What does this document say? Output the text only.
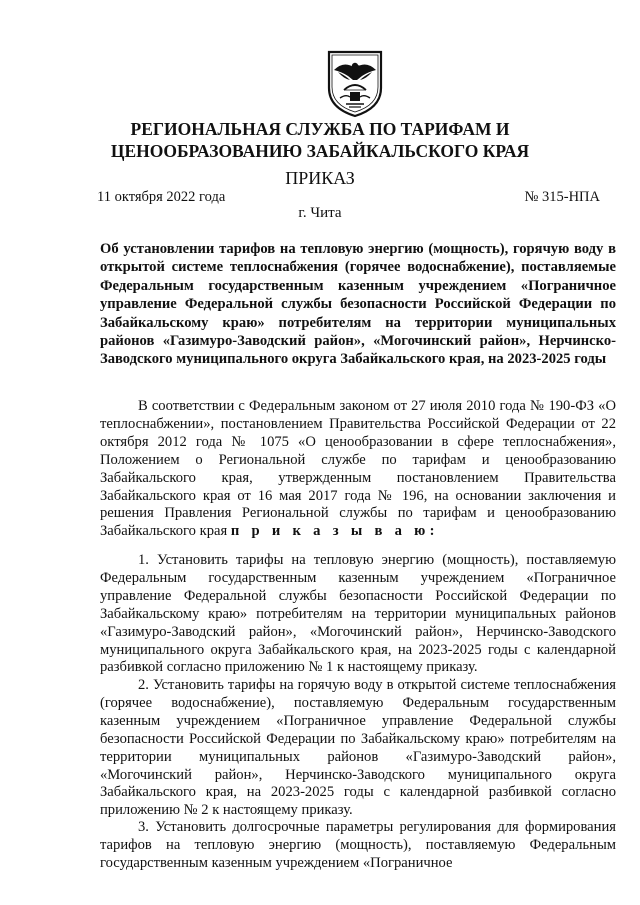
РЕГИОНАЛЬНАЯ СЛУЖБА ПО ТАРИФАМ И
ЦЕНООБРАЗОВАНИЮ ЗАБАЙКАЛЬСКОГО КРАЯ
ПРИКАЗ
11 октября 2022 года	№ 315-НПА
г. Чита
Об установлении тарифов на тепловую энергию (мощность), горячую воду в открытой системе теплоснабжения (горячее водоснабжение), поставляемые Федеральным государственным казенным учреждением «Пограничное управление Федеральной службы безопасности Российской Федерации по Забайкальскому краю» потребителям на территории муниципальных районов «Газимуро-Заводский район», «Могочинский район», Нерчинско-Заводского муниципального округа Забайкальского края, на 2023-2025 годы
В соответствии с Федеральным законом от 27 июля 2010 года № 190-ФЗ «О теплоснабжении», постановлением Правительства Российской Федерации от 22 октября 2012 года № 1075 «О ценообразовании в сфере теплоснабжения», Положением о Региональной службе по тарифам и ценообразованию Забайкальского края, утвержденным постановлением Правительства Забайкальского края от 16 мая 2017 года № 196, на основании заключения и решения Правления Региональной службы по тарифам и ценообразованию Забайкальского края п р и к а з ы в а ю:
1. Установить тарифы на тепловую энергию (мощность), поставляемую Федеральным государственным казенным учреждением «Пограничное управление Федеральной службы безопасности Российской Федерации по Забайкальскому краю» потребителям на территории муниципальных районов «Газимуро-Заводский район», «Могочинский район», Нерчинско-Заводского муниципального округа Забайкальского края, на 2023-2025 годы с календарной разбивкой согласно приложению № 1 к настоящему приказу.
2. Установить тарифы на горячую воду в открытой системе теплоснабжения (горячее водоснабжение), поставляемую Федеральным государственным казенным учреждением «Пограничное управление Федеральной службы безопасности Российской Федерации по Забайкальскому краю» потребителям на территории муниципальных районов «Газимуро-Заводский район», «Могочинский район», Нерчинско-Заводского муниципального округа Забайкальского края, на 2023-2025 годы с календарной разбивкой согласно приложению № 2 к настоящему приказу.
3. Установить долгосрочные параметры регулирования для формирования тарифов на тепловую энергию (мощность), поставляемую Федеральным государственным казенным учреждением «Пограничное
